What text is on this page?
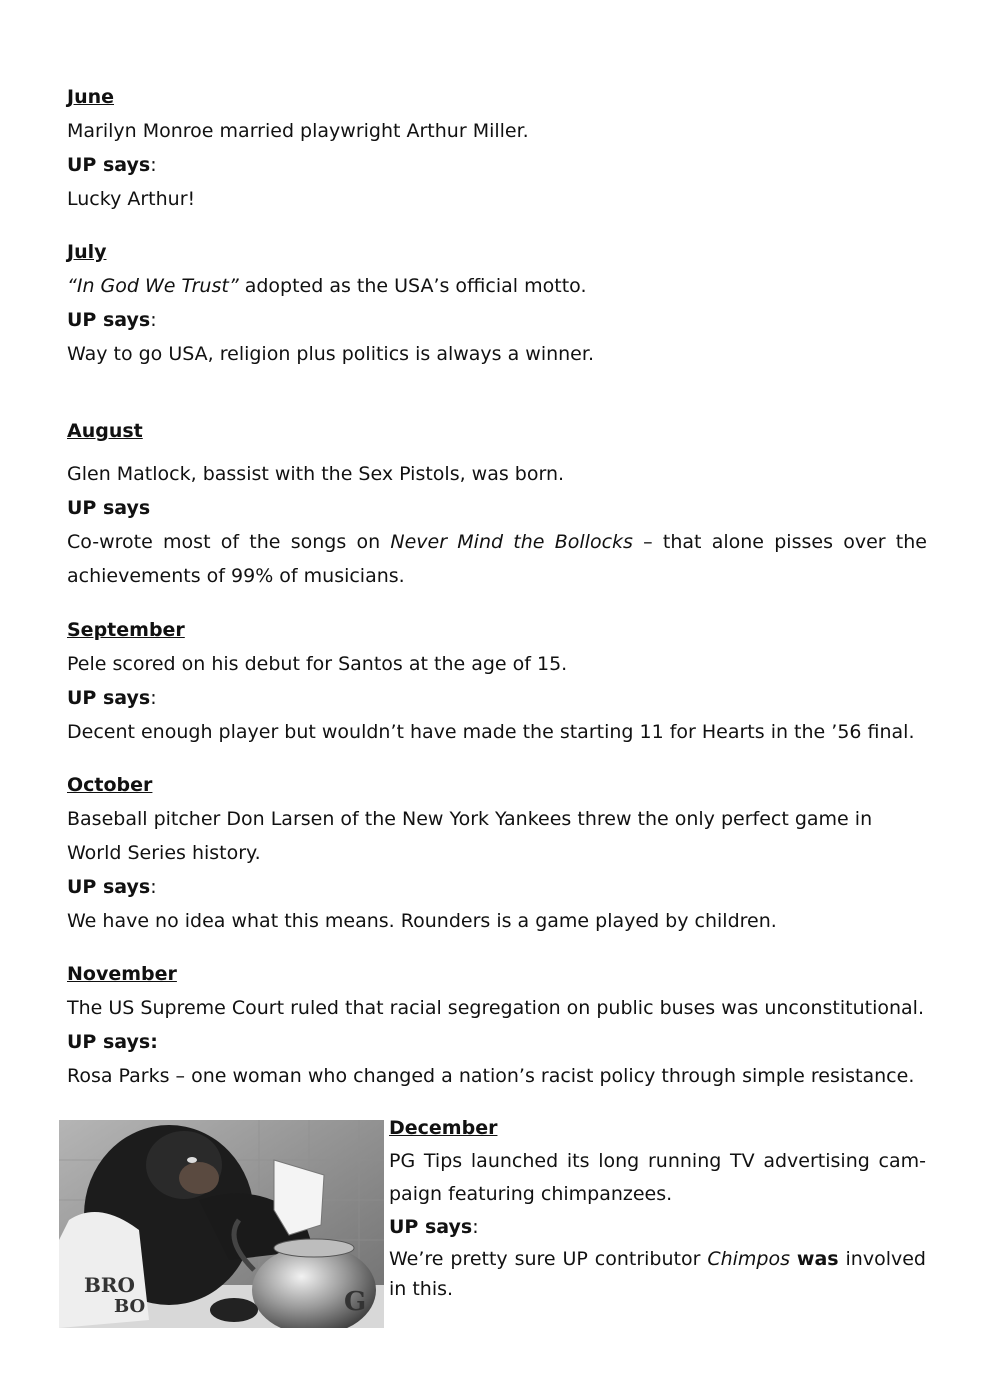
June
Marilyn Monroe married playwright Arthur Miller.
UP says:
Lucky Arthur!
July
“In God We Trust” adopted as the USA’s official motto.
UP says:
Way to go USA, religion plus politics is always a winner.
August
Glen Matlock, bassist with the Sex Pistols, was born.
UP says
Co-wrote most of the songs on Never Mind the Bollocks – that alone pisses over the achievements of 99% of musicians.
September
Pele scored on his debut for Santos at the age of 15.
UP says:
Decent enough player but wouldn’t have made the starting 11 for Hearts in the ’56 final.
October
Baseball pitcher Don Larsen of the New York Yankees threw the only perfect game in World Series history.
UP says:
We have no idea what this means. Rounders is a game played by children.
November
The US Supreme Court ruled that racial segregation on public buses was unconstitutional.
UP says:
Rosa Parks – one woman who changed a nation’s racist policy through simple resistance.
BRO
BO	G
December
PG Tips launched its long running TV advertising cam-paign featuring chimpanzees.
UP says:
We’re pretty sure UP contributor Chimpos was involved in this.
